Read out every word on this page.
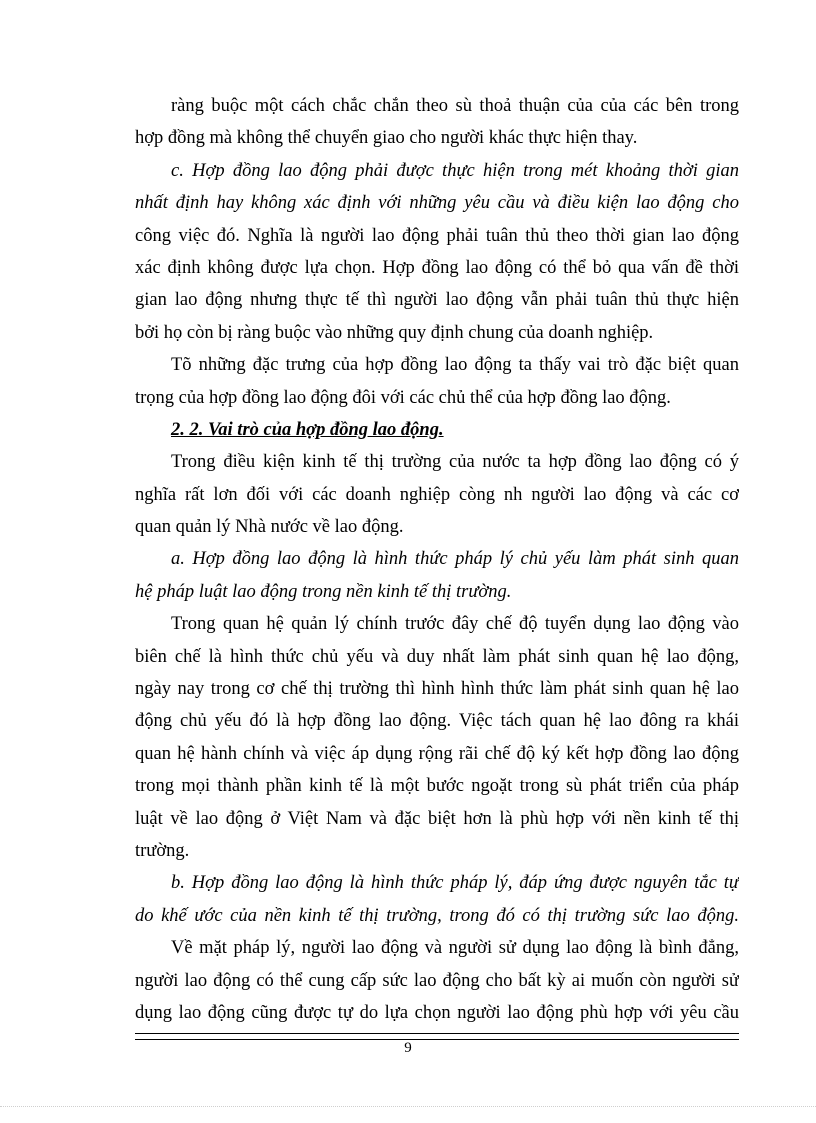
ràng buộc một cách chắc chắn theo sù thoả thuận của của các bên trong
hợp đồng mà không thể chuyển giao cho người khác thực hiện thay.
c. Hợp đồng lao động phải được thực hiện trong mét khoảng thời gian
nhất định hay không xác định với những yêu cầu và điều kiện lao động cho
công việc đó. Nghĩa là người lao động phải tuân thủ theo thời gian lao động
xác định không được lựa chọn. Hợp đồng lao động có thể bỏ qua vấn đề thời
gian lao động nhưng thực tế thì người lao động vẫn phải tuân thủ thực hiện
bởi họ còn bị ràng buộc vào những quy định chung của doanh nghiệp.
Tõ những đặc trưng của hợp đồng lao động ta thấy vai trò đặc biệt quan
trọng của hợp đồng lao động đôi với các chủ thể của hợp đồng lao động.
2. 2. Vai trò của hợp đồng lao động.
Trong điều kiện kinh tế thị trường của nước ta hợp đồng lao động có ý
nghĩa rất lơn đối với các doanh nghiệp còng nh người lao động và các cơ
quan quản lý Nhà nước về lao động.
a. Hợp đồng lao động là hình thức pháp lý chủ yếu làm phát sinh quan
hệ pháp luật lao động trong nền kinh tế thị trường.
Trong quan hệ quản lý chính trước đây chế độ tuyển dụng lao động vào
biên chế là hình thức chủ yếu và duy nhất làm phát sinh quan hệ lao động,
ngày nay trong cơ chế thị trường thì hình hình thức làm phát sinh quan hệ lao
động chủ yếu đó là hợp đồng lao động. Việc tách quan hệ lao đông ra khái
quan hệ hành chính và việc áp dụng rộng rãi chế độ ký kết hợp đồng lao động
trong mọi thành phần kinh tế là một bước ngoặt trong sù phát triển của pháp
luật về lao động ở Việt Nam và đặc biệt hơn là phù hợp với nền kinh tế thị
trường.
b. Hợp đồng lao động là hình thức pháp lý, đáp ứng được nguyên tắc tự
do khế ước của nền kinh tế thị trường, trong đó có thị trường sức lao động.
Về mặt pháp lý, người lao động và người sử dụng lao động là bình đẳng,
người lao động có thể cung cấp sức lao động cho bất kỳ ai muốn còn người sử
dụng lao động cũng được tự do lựa chọn người lao động phù hợp với yêu cầu
9
